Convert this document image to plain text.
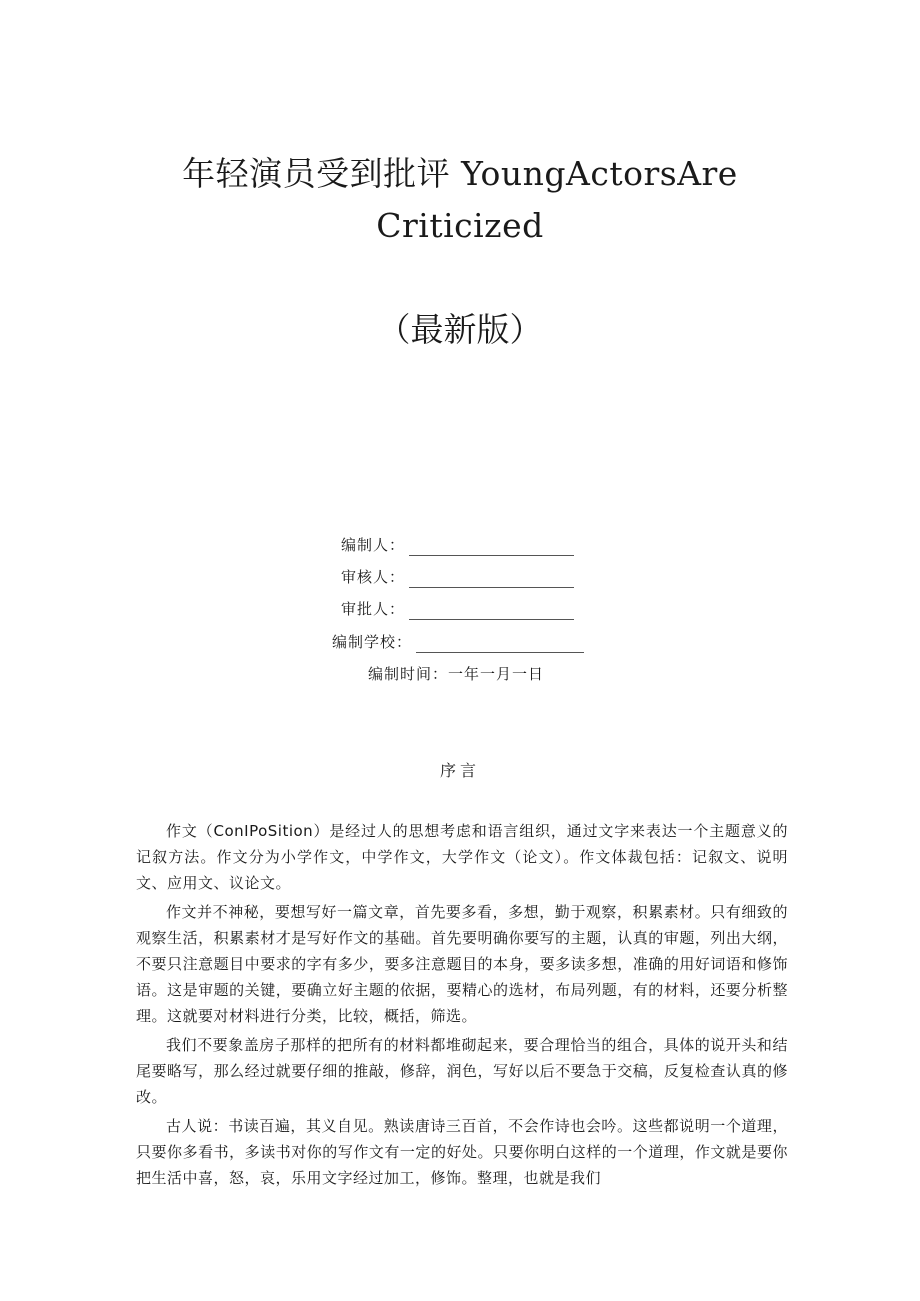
年轻演员受到批评 YoungActorsAre
Criticized
（最新版）
编制人：
审核人：
审批人：
编制学校：
编制时间：一年一月一日
序言

作文（ConIPoSition）是经过人的思想考虑和语言组织，通过文字来表达一个主题意义的记叙方法。作文分为小学作文，中学作文，大学作文（论文）。作文体裁包括：记叙文、说明文、应用文、议论文。

作文并不神秘，要想写好一篇文章，首先要多看，多想，勤于观察，积累素材。只有细致的观察生活，积累素材才是写好作文的基础。首先要明确你要写的主题，认真的审题，列出大纲，不要只注意题目中要求的字有多少，要多注意题目的本身，要多读多想，准确的用好词语和修饰语。这是审题的关键，要确立好主题的依据，要精心的选材，布局列题，有的材料，还要分析整理。这就要对材料进行分类，比较，概括，筛选。

我们不要象盖房子那样的把所有的材料都堆砌起来，要合理恰当的组合，具体的说开头和结尾要略写，那么经过就要仔细的推敲，修辞，润色，写好以后不要急于交稿，反复检查认真的修改。

古人说：书读百遍，其义自见。熟读唐诗三百首，不会作诗也会吟。这些都说明一个道理，只要你多看书，多读书对你的写作文有一定的好处。只要你明白这样的一个道理，作文就是要你把生活中喜，怒，哀，乐用文字经过加工，修饰。整理，也就是我们
